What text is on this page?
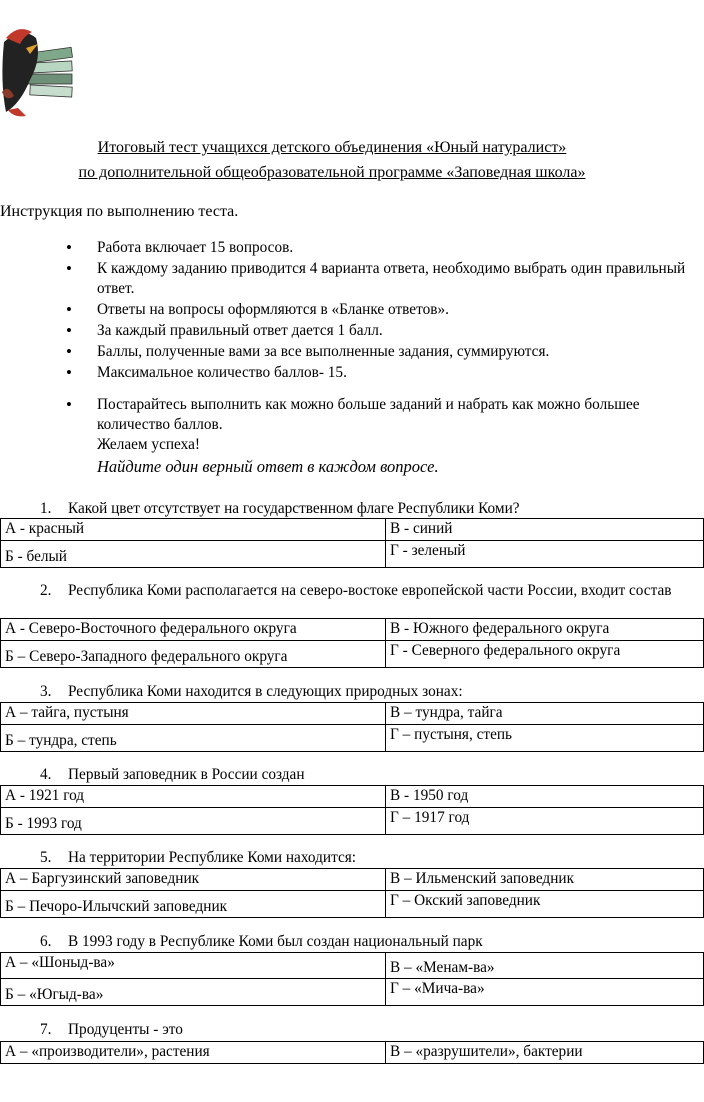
Итоговый тест учащихся детского объединения «Юный натуралист»
по дополнительной общеобразовательной программе «Заповедная школа»
Инструкция по выполнению теста.
• Работа включает 15 вопросов.
• К каждому заданию приводится 4 варианта ответа, необходимо выбрать один правильный ответ.
• Ответы на вопросы оформляются в «Бланке ответов».
• За каждый правильный ответ дается 1 балл.
• Баллы, полученные вами за все выполненные задания, суммируются.
• Максимальное количество баллов- 15.
• Постарайтесь выполнить как можно больше заданий и набрать как можно большее количество баллов.
Желаем успеха!
Найдите один верный ответ в каждом вопросе.
1.	Какой цвет отсутствует на государственном флаге Республики Коми?
А - красный	В - синий
Б - белый	Г - зеленый
2.	Республика Коми располагается на северо-востоке европейской части России, входит состав
А - Северо-Восточного федерального округа	В - Южного федерального округа
Б – Северо-Западного федерального округа	Г - Северного федерального округа
3.	Республика Коми находится в следующих природных зонах:
А – тайга, пустыня	В – тундра, тайга
Б – тундра, степь	Г – пустыня, степь
4.	Первый заповедник в России создан
А - 1921 год	В - 1950 год
Б - 1993 год	Г – 1917 год
5.	На территории Республике Коми находится:
А – Баргузинский заповедник	В – Ильменский заповедник
Б – Печоро-Илычский заповедник	Г – Окский заповедник
6.	В 1993 году в Республике Коми был создан национальный парк
А – «Шоныд-ва»	В – «Менам-ва»
Б – «Югыд-ва»	Г – «Мича-ва»
7.	Продуценты - это
А – «производители», растения	В – «разрушители», бактерии
